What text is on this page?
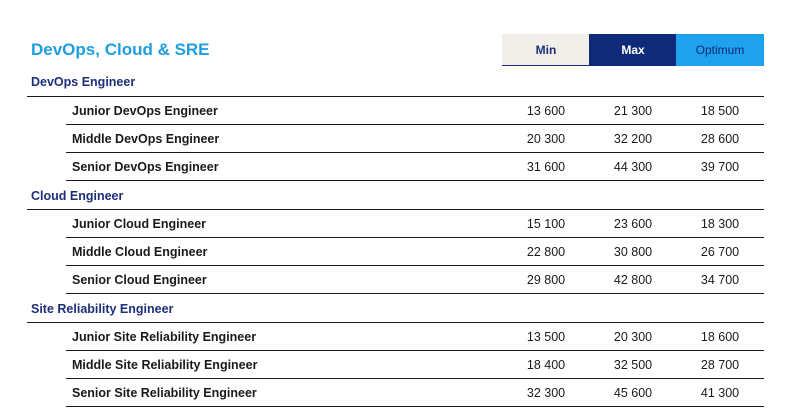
DevOps, Cloud & SRE	Min	Max	Optimum
DevOps Engineer
Junior DevOps Engineer	13 600	21 300	18 500
Middle DevOps Engineer	20 300	32 200	28 600
Senior DevOps Engineer	31 600	44 300	39 700
Cloud Engineer
Junior Cloud Engineer	15 100	23 600	18 300
Middle Cloud Engineer	22 800	30 800	26 700
Senior Cloud Engineer	29 800	42 800	34 700
Site Reliability Engineer
Junior Site Reliability Engineer	13 500	20 300	18 600
Middle Site Reliability Engineer	18 400	32 500	28 700
Senior Site Reliability Engineer	32 300	45 600	41 300
